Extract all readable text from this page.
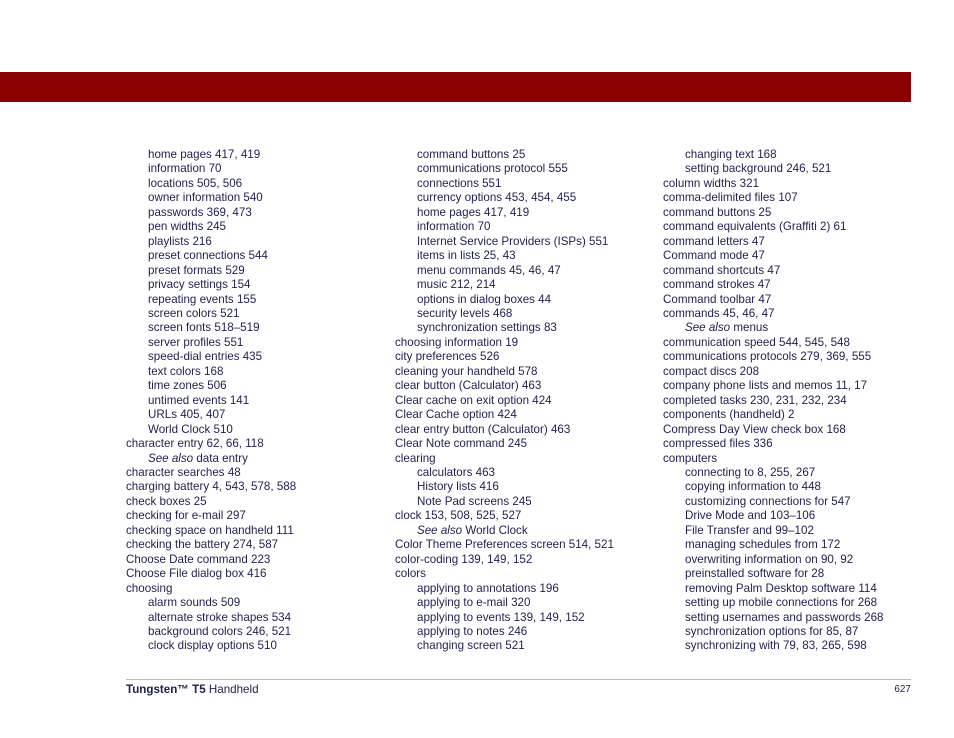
home pages 417, 419
information 70
locations 505, 506
owner information 540
passwords 369, 473
pen widths 245
playlists 216
preset connections 544
preset formats 529
privacy settings 154
repeating events 155
screen colors 521
screen fonts 518–519
server profiles 551
speed-dial entries 435
text colors 168
time zones 506
untimed events 141
URLs 405, 407
World Clock 510
character entry 62, 66, 118
See also data entry
character searches 48
charging battery 4, 543, 578, 588
check boxes 25
checking for e-mail 297
checking space on handheld 111
checking the battery 274, 587
Choose Date command 223
Choose File dialog box 416
choosing
alarm sounds 509
alternate stroke shapes 534
background colors 246, 521
clock display options 510
command buttons 25
communications protocol 555
connections 551
currency options 453, 454, 455
home pages 417, 419
information 70
Internet Service Providers (ISPs) 551
items in lists 25, 43
menu commands 45, 46, 47
music 212, 214
options in dialog boxes 44
security levels 468
synchronization settings 83
choosing information 19
city preferences 526
cleaning your handheld 578
clear button (Calculator) 463
Clear cache on exit option 424
Clear Cache option 424
clear entry button (Calculator) 463
Clear Note command 245
clearing
calculators 463
History lists 416
Note Pad screens 245
clock 153, 508, 525, 527
See also World Clock
Color Theme Preferences screen 514, 521
color-coding 139, 149, 152
colors
applying to annotations 196
applying to e-mail 320
applying to events 139, 149, 152
applying to notes 246
changing screen 521
changing text 168
setting background 246, 521
column widths 321
comma-delimited files 107
command buttons 25
command equivalents (Graffiti 2) 61
command letters 47
Command mode 47
command shortcuts 47
command strokes 47
Command toolbar 47
commands 45, 46, 47
See also menus
communication speed 544, 545, 548
communications protocols 279, 369, 555
compact discs 208
company phone lists and memos 11, 17
completed tasks 230, 231, 232, 234
components (handheld) 2
Compress Day View check box 168
compressed files 336
computers
connecting to 8, 255, 267
copying information to 448
customizing connections for 547
Drive Mode and 103–106
File Transfer and 99–102
managing schedules from 172
overwriting information on 90, 92
preinstalled software for 28
removing Palm Desktop software 114
setting up mobile connections for 268
setting usernames and passwords 268
synchronization options for 85, 87
synchronizing with 79, 83, 265, 598
Tungsten™ T5 Handheld	627
